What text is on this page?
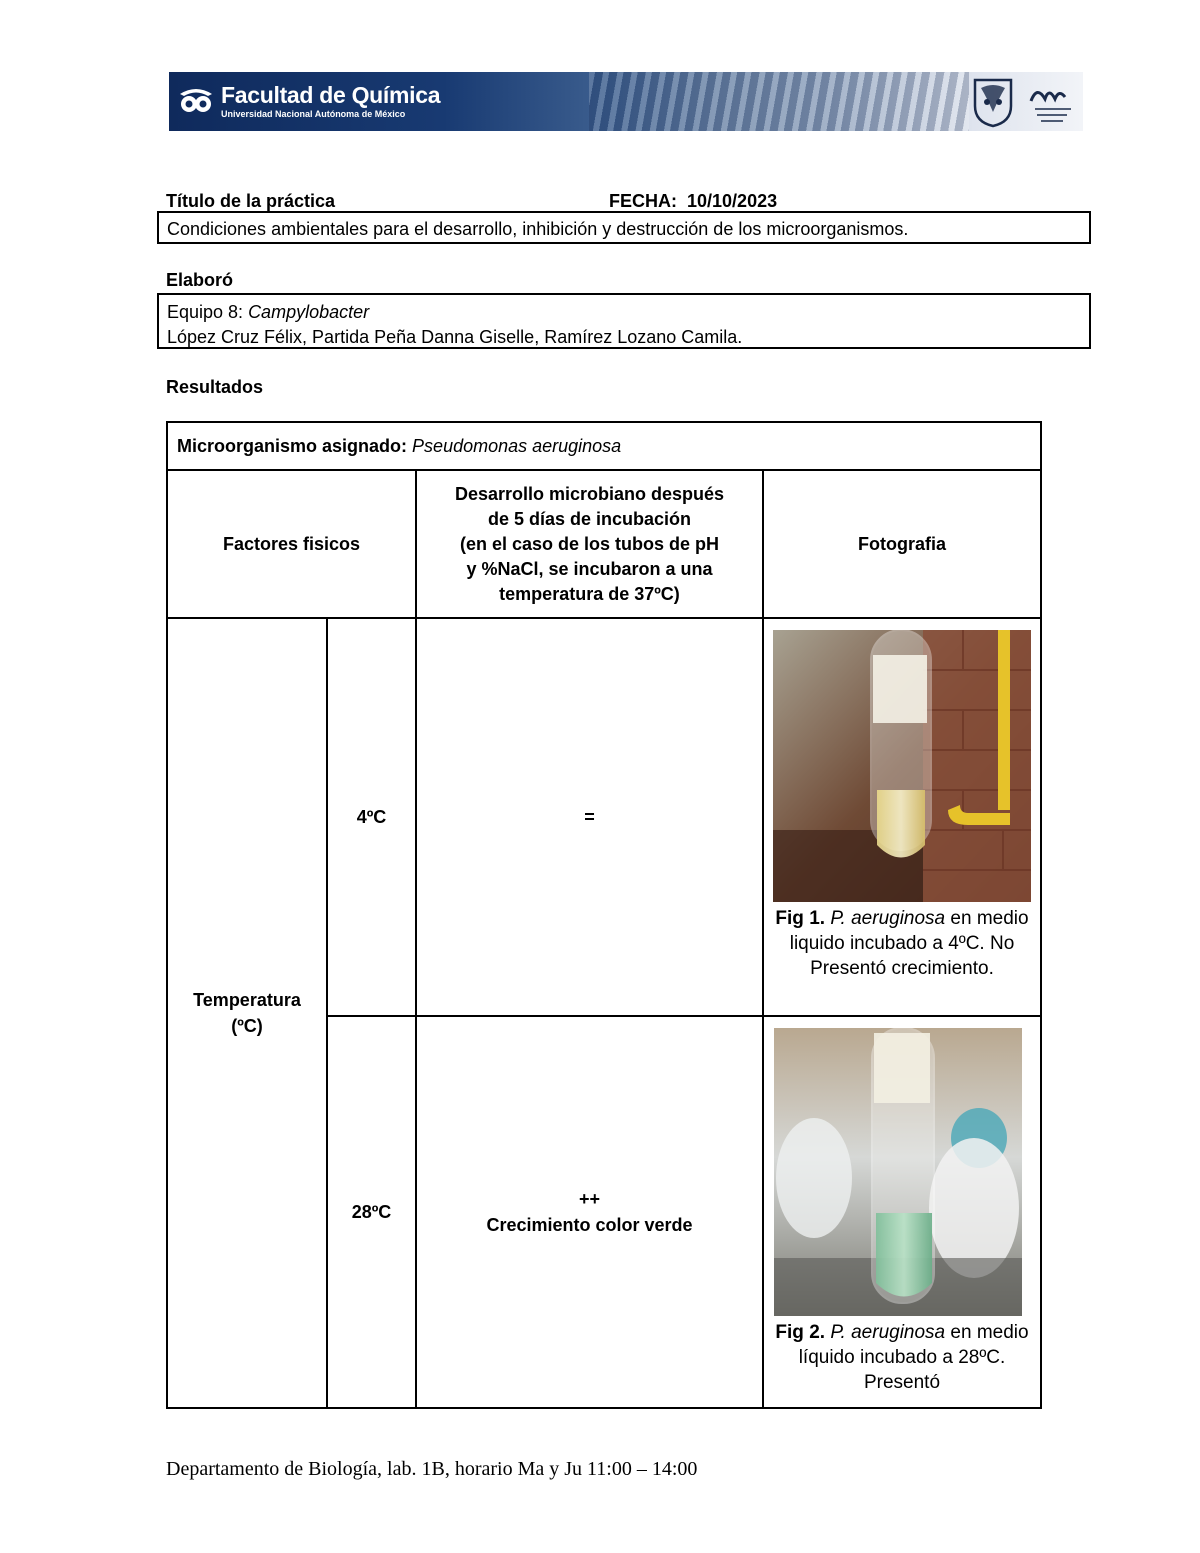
Facultad de Química
Universidad Nacional Autónoma de México
Título de la práctica	FECHA: 10/10/2023
Condiciones ambientales para el desarrollo, inhibición y destrucción de los microorganismos.
Elaboró
Equipo 8: Campylobacter
López Cruz Félix, Partida Peña Danna Giselle, Ramírez Lozano Camila.
Resultados
Microorganismo asignado: Pseudomonas aeruginosa			
Factores fisicos		Desarrollo microbiano después
de 5 días de incubación
(en el caso de los tubos de pH
y %NaCl, se incubaron a una
temperatura de 37ºC)	Fotografia

Temperatura
(ºC)	4ºC	=	Fig 1. P. aeruginosa en medio liquido incubado a 4ºC. No Presentó crecimiento.

	28ºC	++
Crecimiento color verde	Fig 2. P. aeruginosa en medio líquido incubado a 28ºC. Presentó
Departamento de Biología, lab. 1B, horario Ma y Ju 11:00 – 14:00
